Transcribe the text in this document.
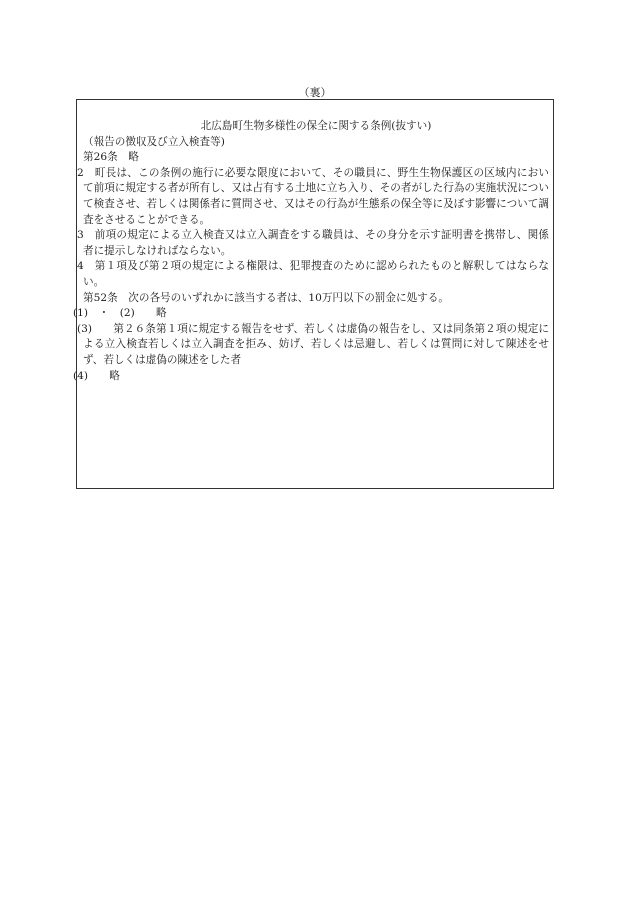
（裏）
北広島町生物多様性の保全に関する条例(抜すい)
（報告の徴収及び立入検査等)
第26条　略
2　町長は、この条例の施行に必要な限度において、その職員に、野生生物保護区の区域内において前項に規定する者が所有し、又は占有する土地に立ち入り、その者がした行為の実施状況について検査させ、若しくは関係者に質問させ、又はその行為が生態系の保全等に及ぼす影響について調査をさせることができる。
3　前項の規定による立入検査又は立入調査をする職員は、その身分を示す証明書を携帯し、関係者に提示しなければならない。
4　第１項及び第２項の規定による権限は、犯罪捜査のために認められたものと解釈してはならない。
第52条　次の各号のいずれかに該当する者は、10万円以下の罰金に処する。
(1)　・　(2)　　略
(3)　　第２６条第１項に規定する報告をせず、若しくは虚偽の報告をし、又は同条第２項の規定による立入検査若しくは立入調査を拒み、妨げ、若しくは忌避し、若しくは質問に対して陳述をせず、若しくは虚偽の陳述をした者
(4)　　略
